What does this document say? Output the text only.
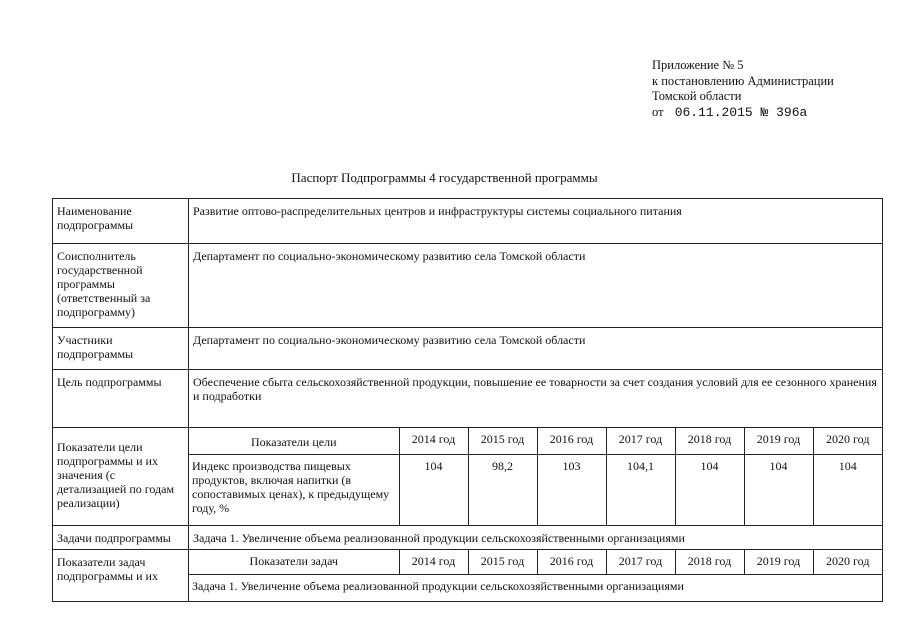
Приложение № 5
к постановлению Администрации
Томской области
от 06.11.2015 № 396а
Паспорт Подпрограммы 4 государственной программы
Наименование подпрограммы	Развитие оптово-распределительных центров и инфраструктуры системы социального питания
Соисполнитель государственной программы (ответственный за подпрограмму)	Департамент по социально-экономическому развитию села Томской области
Участники подпрограммы	Департамент по социально-экономическому развитию села Томской области
Цель подпрограммы	Обеспечение сбыта сельскохозяйственной продукции, повышение ее товарности за счет создания условий для ее сезонного хранения и подработки
Показатели цели подпрограммы и их значения (с детализацией по годам реализации)	
Показатели цели	2014 год	2015 год	2016 год	2017 год	2018 год	2019 год	2020 год
Индекс производства пищевых продуктов, включая напитки (в сопоставимых ценах), к предыдущему году, %	104	98,2	103	104,1	104	104	104

Задачи подпрограммы	Задача 1. Увеличение объема реализованной продукции сельскохозяйственными организациями
Показатели задач подпрограммы и их	
Показатели задач	2014 год	2015 год	2016 год	2017 год	2018 год	2019 год	2020 год
Задача 1. Увеличение объема реализованной продукции сельскохозяйственными организациями
